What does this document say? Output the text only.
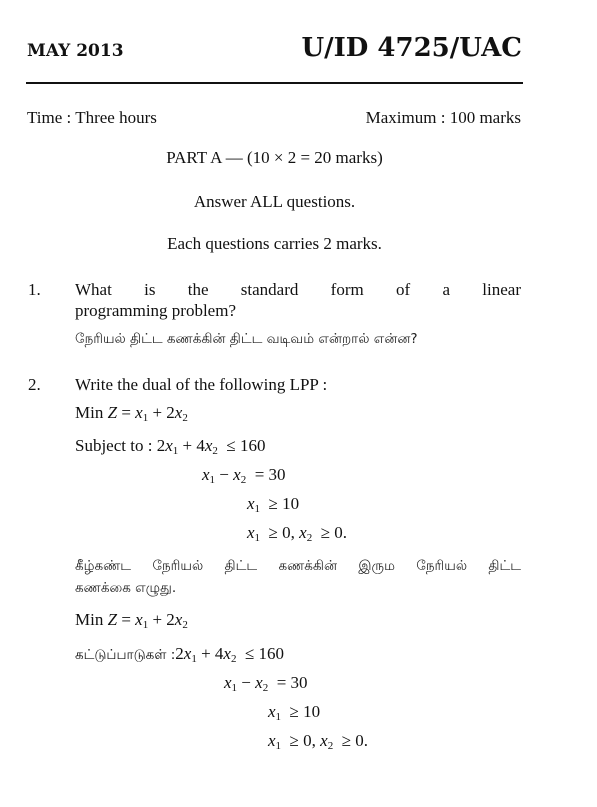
MAY 2013	U/ID 4725/UAC
Time : Three hours	Maximum : 100 marks
PART A — (10 × 2 = 20 marks)
Answer ALL questions.
Each questions carries 2 marks.
1. What is the standard form of a linear
programming problem?
நேரியல் திட்ட கணக்கின் திட்ட வடிவம் என்றால் என்ன?
2. Write the dual of the following LPP :
Min $Z = x_1 + 2x_2$
Subject to : $2x_1 + 4x_2 \le 160$
$x_1 - x_2 = 30$
$x_1 \ge 10$
$x_1 \ge 0$, $x_2 \ge 0$.
கீழ்கண்ட நேரியல் திட்ட கணக்கின் இரும நேரியல் திட்ட
கணக்கை எழுது.
Min $Z = x_1 + 2x_2$
கட்டுப்பாடுகள் $:2x_1 + 4x_2 \le 160$
$x_1 - x_2 = 30$
$x_1 \ge 10$
$x_1 \ge 0$, $x_2 \ge 0$.
